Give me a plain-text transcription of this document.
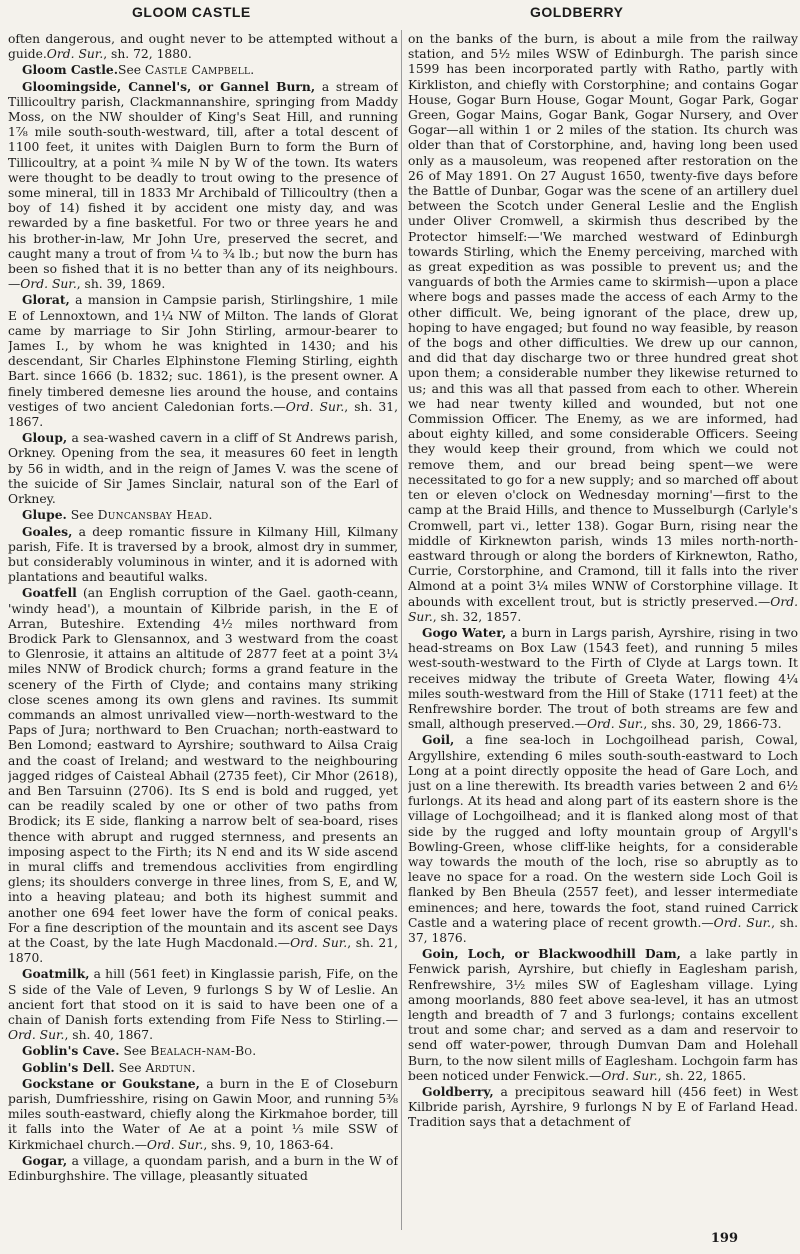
GLOOM CASTLE	GOLDBERRY

often dangerous, and ought never to be attempted without a guide.Ord. Sur., sh. 72, 1880.

Gloom Castle.See Castle Campbell.

Gloomingside, Cannel's, or Gannel Burn, a stream of Tillicoultry parish, Clackmannanshire, springing from Maddy Moss, on the NW shoulder of King's Seat Hill, and running 1⅞ mile south-south-westward, till, after a total descent of 1100 feet, it unites with Daiglen Burn to form the Burn of Tillicoultry, at a point ¾ mile N by W of the town. Its waters were thought to be deadly to trout owing to the presence of some mineral, till in 1833 Mr Archibald of Tillicoultry (then a boy of 14) fished it by accident one misty day, and was rewarded by a fine basketful. For two or three years he and his brother-in-law, Mr John Ure, preserved the secret, and caught many a trout of from ¼ to ¾ lb.; but now the burn has been so fished that it is no better than any of its neighbours.—Ord. Sur., sh. 39, 1869.

Glorat, a mansion in Campsie parish, Stirlingshire, 1 mile E of Lennoxtown, and 1¼ NW of Milton. The lands of Glorat came by marriage to Sir John Stirling, armour-bearer to James I., by whom he was knighted in 1430; and his descendant, Sir Charles Elphinstone Fleming Stirling, eighth Bart. since 1666 (b. 1832; suc. 1861), is the present owner. A finely timbered demesne lies around the house, and contains vestiges of two ancient Caledonian forts.—Ord. Sur., sh. 31, 1867.

Gloup, a sea-washed cavern in a cliff of St Andrews parish, Orkney. Opening from the sea, it measures 60 feet in length by 56 in width, and in the reign of James V. was the scene of the suicide of Sir James Sinclair, natural son of the Earl of Orkney.

Glupe. See Duncansbay Head.

Goales, a deep romantic fissure in Kilmany Hill, Kilmany parish, Fife. It is traversed by a brook, almost dry in summer, but considerably voluminous in winter, and it is adorned with plantations and beautiful walks.

Goatfell (an English corruption of the Gael. gaoth-ceann, 'windy head'), a mountain of Kilbride parish, in the E of Arran, Buteshire. Extending 4½ miles northward from Brodick Park to Glensannox, and 3 westward from the coast to Glenrosie, it attains an altitude of 2877 feet at a point 3¼ miles NNW of Brodick church; forms a grand feature in the scenery of the Firth of Clyde; and contains many striking close scenes among its own glens and ravines. Its summit commands an almost unrivalled view—north-westward to the Paps of Jura; northward to Ben Cruachan; north-eastward to Ben Lomond; eastward to Ayrshire; southward to Ailsa Craig and the coast of Ireland; and westward to the neighbouring jagged ridges of Caisteal Abhail (2735 feet), Cir Mhor (2618), and Ben Tarsuinn (2706). Its S end is bold and rugged, yet can be readily scaled by one or other of two paths from Brodick; its E side, flanking a narrow belt of sea-board, rises thence with abrupt and rugged sternness, and presents an imposing aspect to the Firth; its N end and its W side ascend in mural cliffs and tremendous acclivities from engirdling glens; its shoulders converge in three lines, from S, E, and W, into a heaving plateau; and both its highest summit and another one 694 feet lower have the form of conical peaks. For a fine description of the mountain and its ascent see Days at the Coast, by the late Hugh Macdonald.—Ord. Sur., sh. 21, 1870.

Goatmilk, a hill (561 feet) in Kinglassie parish, Fife, on the S side of the Vale of Leven, 9 furlongs S by W of Leslie. An ancient fort that stood on it is said to have been one of a chain of Danish forts extending from Fife Ness to Stirling.—Ord. Sur., sh. 40, 1867.

Goblin's Cave. See Bealach-nam-Bo.

Goblin's Dell. See Ardtun.

Gockstane or Goukstane, a burn in the E of Closeburn parish, Dumfriesshire, rising on Gawin Moor, and running 5⅜ miles south-eastward, chiefly along the Kirkmahoe border, till it falls into the Water of Ae at a point ⅓ mile SSW of Kirkmichael church.—Ord. Sur., shs. 9, 10, 1863-64.

Gogar, a village, a quondam parish, and a burn in the W of Edinburghshire. The village, pleasantly situated

on the banks of the burn, is about a mile from the railway station, and 5½ miles WSW of Edinburgh. The parish since 1599 has been incorporated partly with Ratho, partly with Kirkliston, and chiefly with Corstorphine; and contains Gogar House, Gogar Burn House, Gogar Mount, Gogar Park, Gogar Green, Gogar Mains, Gogar Bank, Gogar Nursery, and Over Gogar—all within 1 or 2 miles of the station. Its church was older than that of Corstorphine, and, having long been used only as a mausoleum, was reopened after restoration on the 26 of May 1891. On 27 August 1650, twenty-five days before the Battle of Dunbar, Gogar was the scene of an artillery duel between the Scotch under General Leslie and the English under Oliver Cromwell, a skirmish thus described by the Protector himself:—'We marched westward of Edinburgh towards Stirling, which the Enemy perceiving, marched with as great expedition as was possible to prevent us; and the vanguards of both the Armies came to skirmish—upon a place where bogs and passes made the access of each Army to the other difficult. We, being ignorant of the place, drew up, hoping to have engaged; but found no way feasible, by reason of the bogs and other difficulties. We drew up our cannon, and did that day discharge two or three hundred great shot upon them; a considerable number they likewise returned to us; and this was all that passed from each to other. Wherein we had near twenty killed and wounded, but not one Commission Officer. The Enemy, as we are informed, had about eighty killed, and some considerable Officers. Seeing they would keep their ground, from which we could not remove them, and our bread being spent—we were necessitated to go for a new supply; and so marched off about ten or eleven o'clock on Wednesday morning'—first to the camp at the Braid Hills, and thence to Musselburgh (Carlyle's Cromwell, part vi., letter 138). Gogar Burn, rising near the middle of Kirknewton parish, winds 13 miles north-north-eastward through or along the borders of Kirknewton, Ratho, Currie, Corstorphine, and Cramond, till it falls into the river Almond at a point 3¼ miles WNW of Corstorphine village. It abounds with excellent trout, but is strictly preserved.—Ord. Sur., sh. 32, 1857.

Gogo Water, a burn in Largs parish, Ayrshire, rising in two head-streams on Box Law (1543 feet), and running 5 miles west-south-westward to the Firth of Clyde at Largs town. It receives midway the tribute of Greeta Water, flowing 4¼ miles south-westward from the Hill of Stake (1711 feet) at the Renfrewshire border. The trout of both streams are few and small, although preserved.—Ord. Sur., shs. 30, 29, 1866-73.

Goil, a fine sea-loch in Lochgoilhead parish, Cowal, Argyllshire, extending 6 miles south-south-eastward to Loch Long at a point directly opposite the head of Gare Loch, and just on a line therewith. Its breadth varies between 2 and 6½ furlongs. At its head and along part of its eastern shore is the village of Lochgoilhead; and it is flanked along most of that side by the rugged and lofty mountain group of Argyll's Bowling-Green, whose cliff-like heights, for a considerable way towards the mouth of the loch, rise so abruptly as to leave no space for a road. On the western side Loch Goil is flanked by Ben Bheula (2557 feet), and lesser intermediate eminences; and here, towards the foot, stand ruined Carrick Castle and a watering place of recent growth.—Ord. Sur., sh. 37, 1876.

Goin, Loch, or Blackwoodhill Dam, a lake partly in Fenwick parish, Ayrshire, but chiefly in Eaglesham parish, Renfrewshire, 3½ miles SW of Eaglesham village. Lying among moorlands, 880 feet above sea-level, it has an utmost length and breadth of 7 and 3 furlongs; contains excellent trout and some char; and served as a dam and reservoir to send off water-power, through Dumvan Dam and Holehall Burn, to the now silent mills of Eaglesham. Lochgoin farm has been noticed under Fenwick.—Ord. Sur., sh. 22, 1865.

Goldberry, a precipitous seaward hill (456 feet) in West Kilbride parish, Ayrshire, 9 furlongs N by E of Farland Head. Tradition says that a detachment of

199
